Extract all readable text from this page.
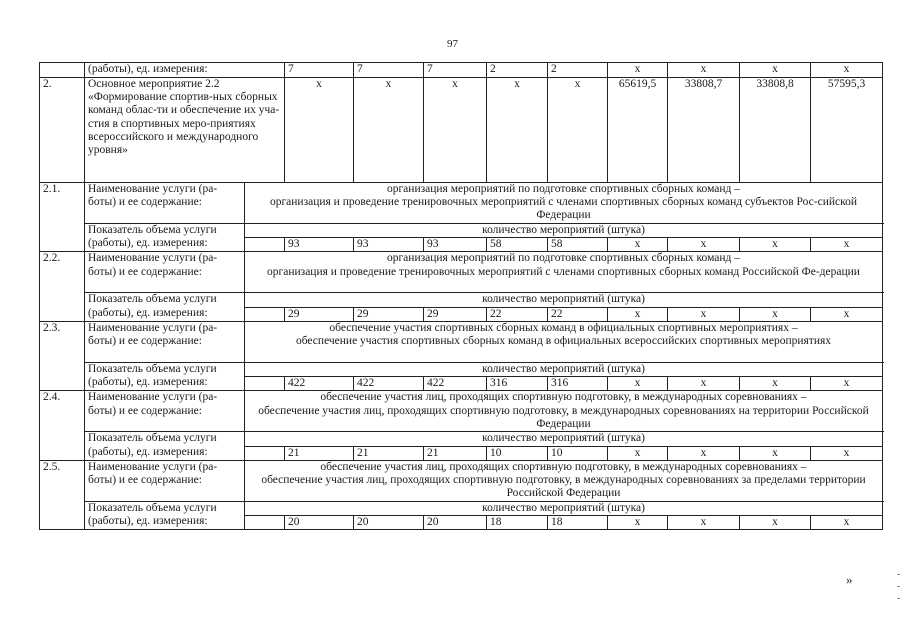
97
	(работы), ед. измерения:		7	7	7	2	2	х	х	х	х	
2.	Основное мероприятие 2.2 «Формирование спортив-ных сборных команд облас-ти и обеспечение их уча-стия в спортивных меро-приятиях всероссийского и международного уровня»		х	х	х	х	х	65619,5	33808,7	33808,8	57595,3	
2.1.	Наименование услуги (ра-боты) и ее содержание:	организация мероприятий по подготовке спортивных сборных команд –
организация и проведение тренировочных мероприятий с членами спортивных сборных команд субъектов Рос-сийской Федерации										

	Показатель объема услуги (работы), ед. измерения:	количество мероприятий (штука)										
			93	93	93	58	58	х	х	х	х	
2.2.	Наименование услуги (ра-боты) и ее содержание:	организация мероприятий по подготовке спортивных сборных команд –
организация и проведение тренировочных мероприятий с членами спортивных сборных команд Российской Фе-дерации										

	Показатель объема услуги (работы), ед. измерения:	количество мероприятий (штука)										
			29	29	29	22	22	х	х	х	х	
2.3.	Наименование услуги (ра-боты) и ее содержание:	обеспечение участия спортивных сборных команд в официальных спортивных мероприятиях –
обеспечение участия спортивных сборных команд в официальных всероссийских спортивных мероприятиях										

	Показатель объема услуги (работы), ед. измерения:	количество мероприятий (штука)										
			422	422	422	316	316	х	х	х	х	
2.4.	Наименование услуги (ра-боты) и ее содержание:	обеспечение участия лиц, проходящих спортивную подготовку, в международных соревнованиях –
обеспечение участия лиц, проходящих спортивную подготовку, в международных соревнованиях на территории Российской Федерации										

	Показатель объема услуги (работы), ед. измерения:	количество мероприятий (штука)										
			21	21	21	10	10	х	х	х	х	
2.5.	Наименование услуги (ра-боты) и ее содержание:	обеспечение участия лиц, проходящих спортивную подготовку, в международных соревнованиях –
обеспечение участия лиц, проходящих спортивную подготовку, в международных соревнованиях за пределами территории Российской Федерации										

	Показатель объема услуги (работы), ед. измерения:	количество мероприятий (штука)										
			20	20	20	18	18	х	х	х	х	
»
